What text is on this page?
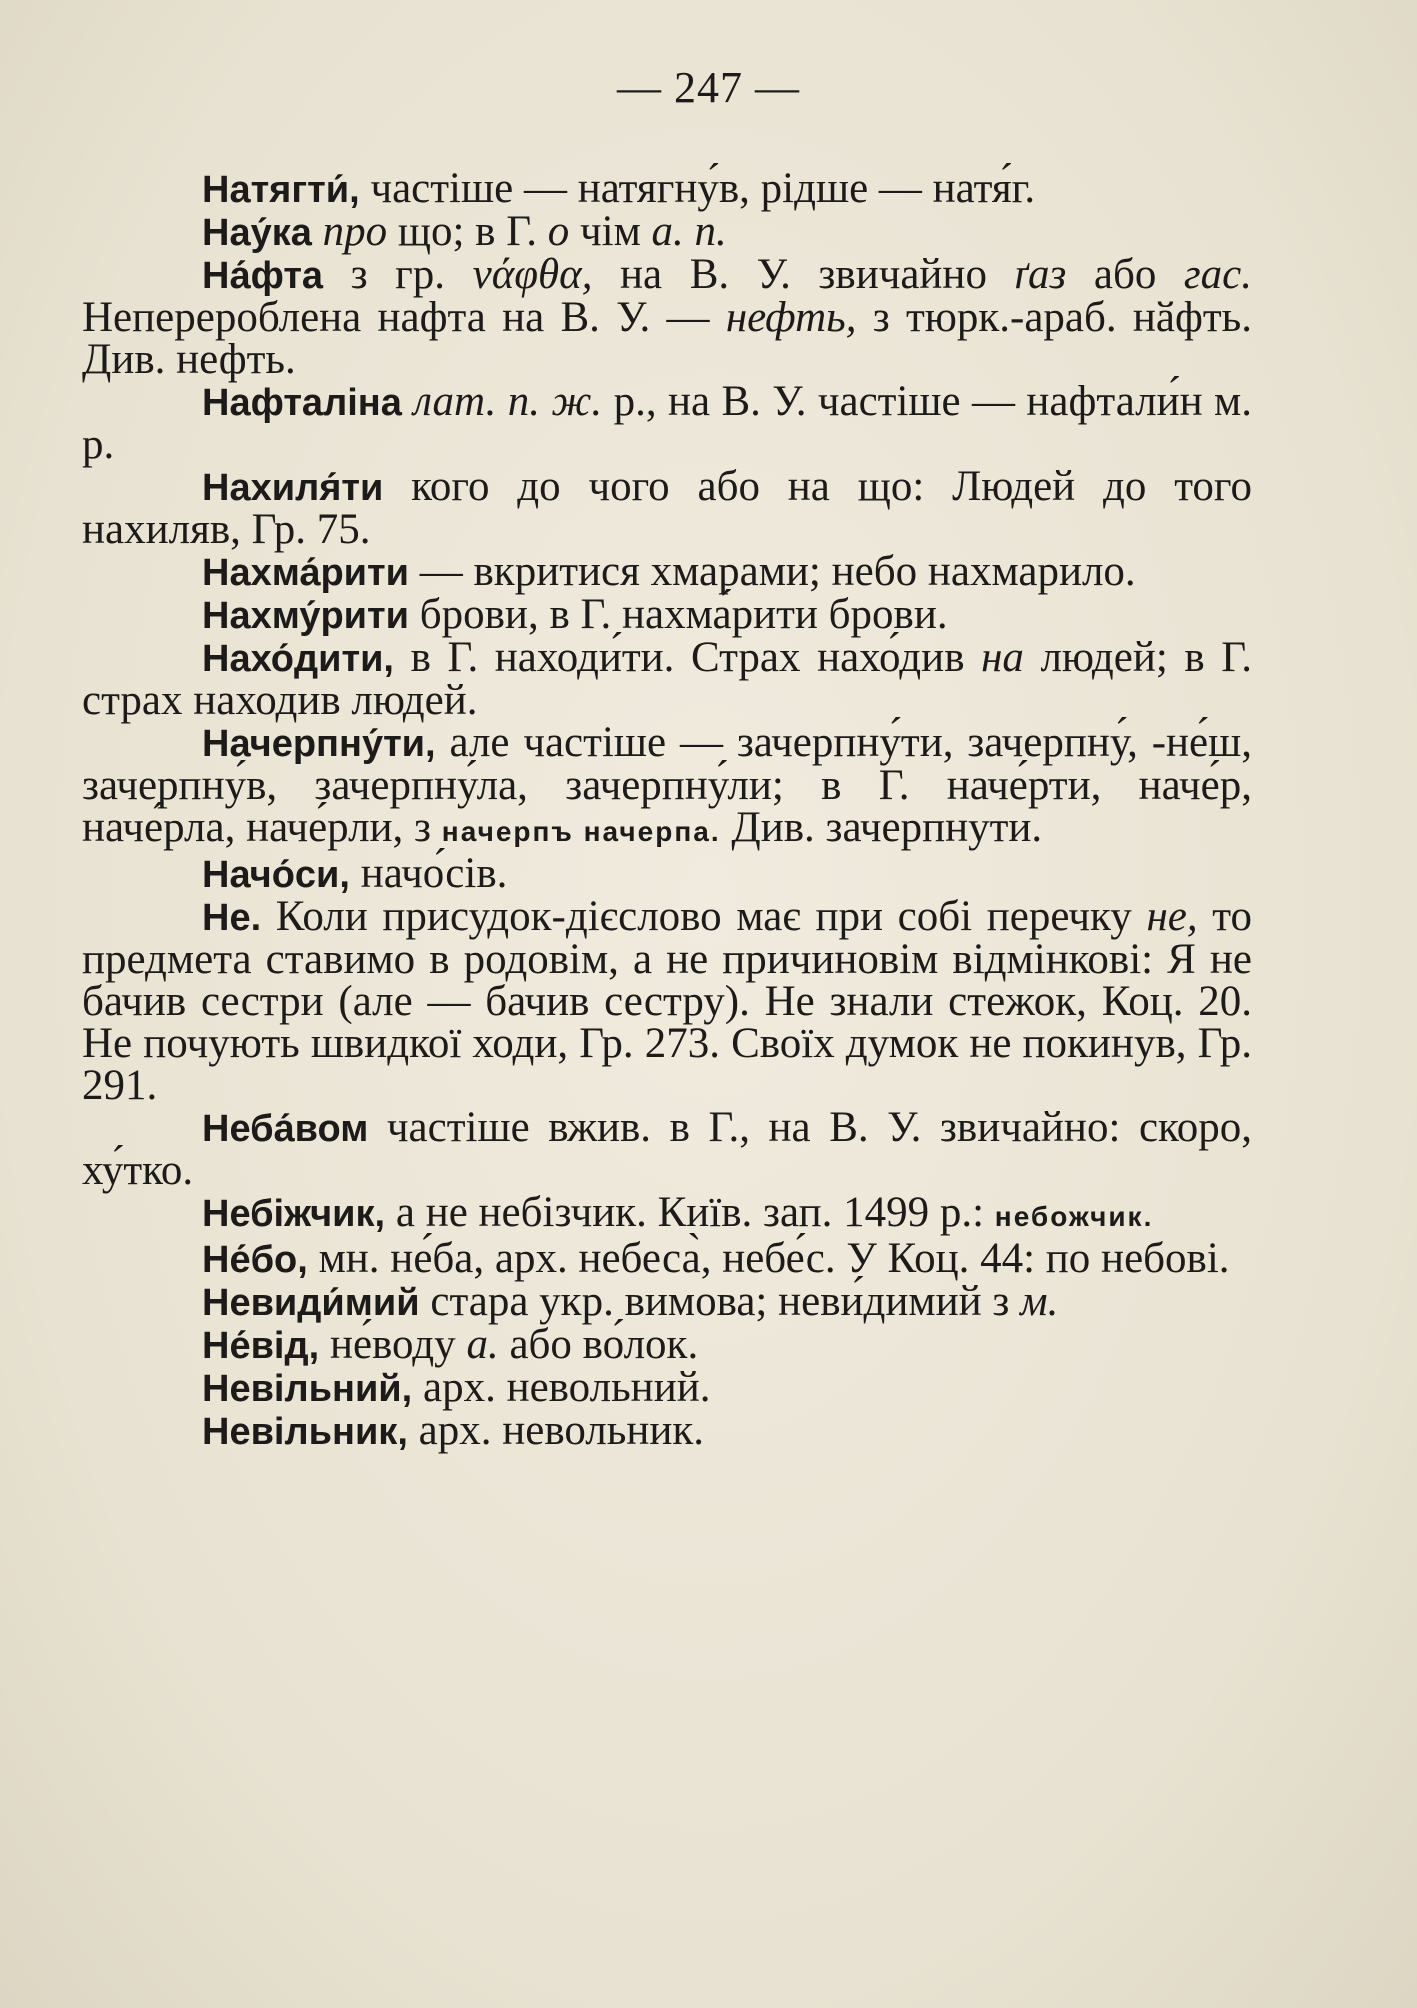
— 247 —

Натягти́, частіше — натягну́в, рідше — натя́г.

Нау́ка про що; в Г. о чім а. п.

На́фта з гр. νάφθα, на В. У. звичайно ґаз або гас. Неперероблена нафта на В. У. — нефть, з тюрк.-араб. нӑфть. Див. нефть.

Нафталіна лат. п. ж. р., на В. У. частіше — нафтали́н м. р.

Нахиля́ти кого до чого або на що: Людей до того нахиляв, Гр. 75.

Нахма́рити — вкритися хмарами; небо нахмарило.

Нахму́рити брови, в Г. нахма́рити брови.

Нахо́дити, в Г. находи́ти. Страх нахо́див на людей; в Г. страх находив людей.

Начерпну́ти, але частіше — зачерпну́ти, зачерпну́, -не́ш, зачерпну́в, зачерпну́ла, зачерпну́ли; в Г. наче́рти, наче́р, наче́рла, наче́рли, з начерпъ начерпа. Див. зачерпнути.

Начо́си, начо́сів.

Не. Коли присудок-дієслово має при собі перечку не, то предмета ставимо в родовім, а не причиновім відмінкові: Я не бачив сестри (але — бачив сестру). Не знали стежок, Коц. 20. Не почують швидкої ходи, Гр. 273. Своїх думок не покинув, Гр. 291.

Неба́вом частіше вжив. в Г., на В. У. звичайно: скоро, ху́тко.

Небіжчик, а не небізчик. Київ. зап. 1499 р.: небожчик.

Не́бо, мн. не́ба, арх. небеса̀, небе́с. У Коц. 44: по небові.

Невиди́мий стара укр. вимова; неви́димий з м.

Не́від, не́воду а. або во́лок.

Невільний, арх. невольний.

Невільник, арх. невольник.
